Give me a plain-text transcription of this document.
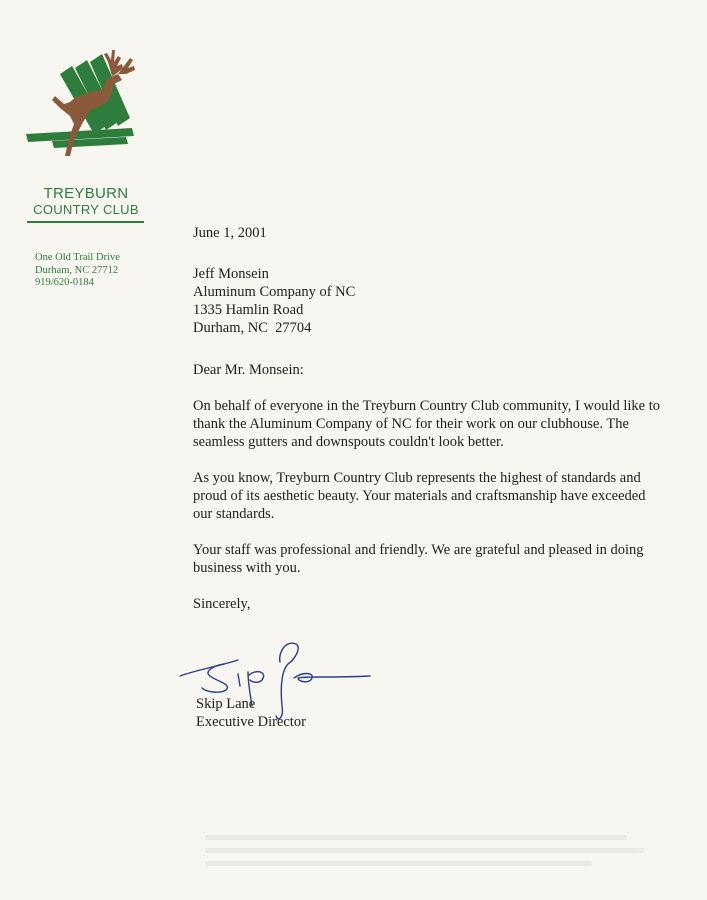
TREYBURN
COUNTRY CLUB
One Old Trail Drive
Durham, NC 27712
919/620-0184

June 1, 2001

Jeff Monsein

Aluminum Company of NC

1335 Hamlin Road

Durham, NC  27704

Dear Mr. Monsein:

On behalf of everyone in the Treyburn Country Club community, I would like to thank the Aluminum Company of NC for their work on our clubhouse. The seamless gutters and downspouts couldn't look better.

As you know, Treyburn Country Club represents the highest of standards and proud of its aesthetic beauty. Your materials and craftsmanship have exceeded our standards.

Your staff was professional and friendly. We are grateful and pleased in doing business with you.

Sincerely,

Skip Lane
Executive Director
